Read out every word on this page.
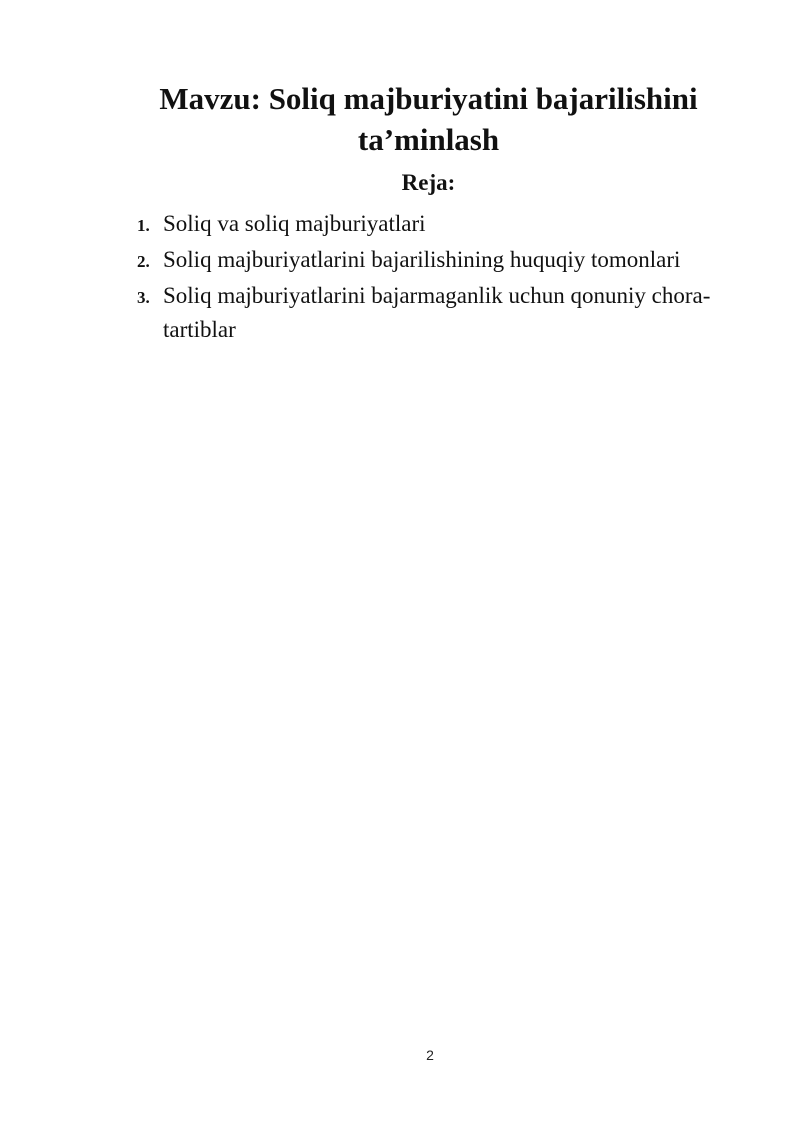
Mavzu: Soliq majburiyatini bajarilishini
ta’minlash
Reja:
1. Soliq va soliq majburiyatlari
2. Soliq majburiyatlarini bajarilishining huquqiy tomonlari
3. Soliq majburiyatlarini bajarmaganlik uchun qonuniy chora-tartiblar
2
